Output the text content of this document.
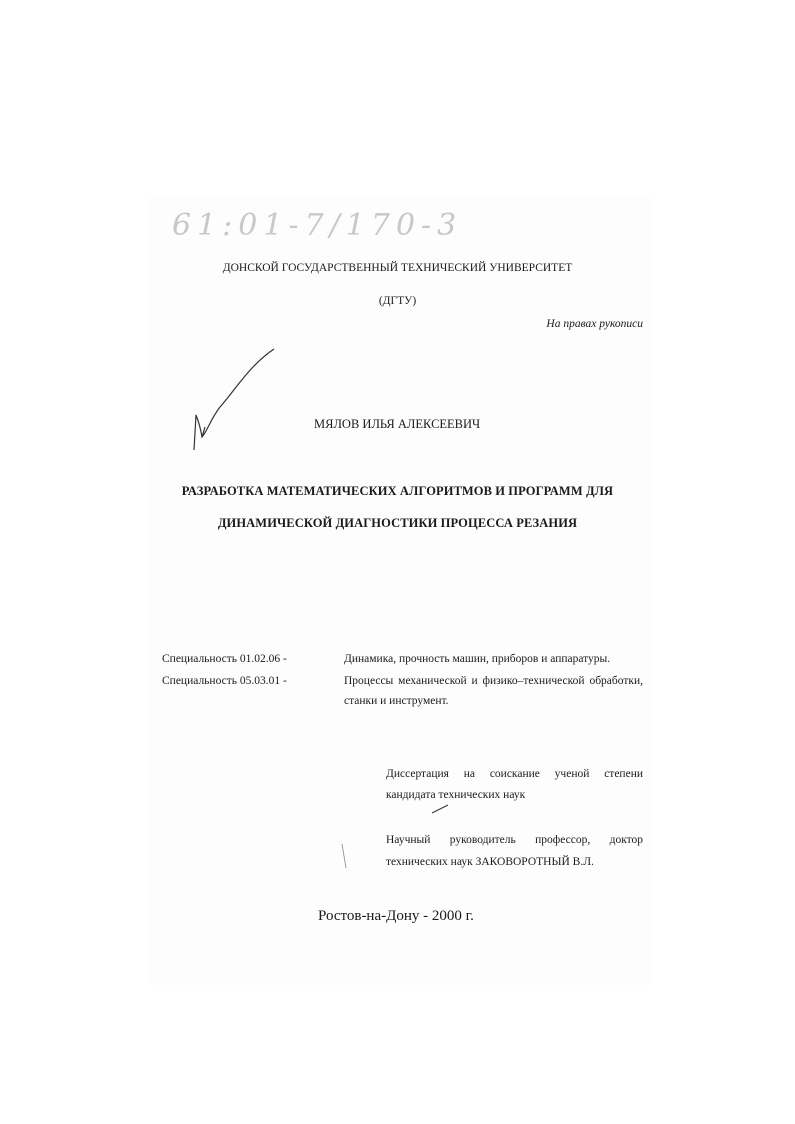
61:01-7/170-3
ДОНСКОЙ ГОСУДАРСТВЕННЫЙ ТЕХНИЧЕСКИЙ УНИВЕРСИТЕТ
(ДГТУ)
На правах рукописи
МЯЛОВ ИЛЬЯ АЛЕКСЕЕВИЧ
РАЗРАБОТКА МАТЕМАТИЧЕСКИХ АЛГОРИТМОВ И ПРОГРАММ ДЛЯ
ДИНАМИЧЕСКОЙ ДИАГНОСТИКИ ПРОЦЕССА РЕЗАНИЯ
Специальность 01.02.06 -	Динамика, прочность машин, приборов и аппаратуры.
Специальность 05.03.01 -	Процессы механической и физико–технической обработки,
станки и инструмент.
Диссертация на соискание ученой степени
кандидата технических наук
Научный руководитель профессор, доктор
технических наук ЗАКОВОРОТНЫЙ В.Л.
Ростов-на-Дону - 2000 г.
